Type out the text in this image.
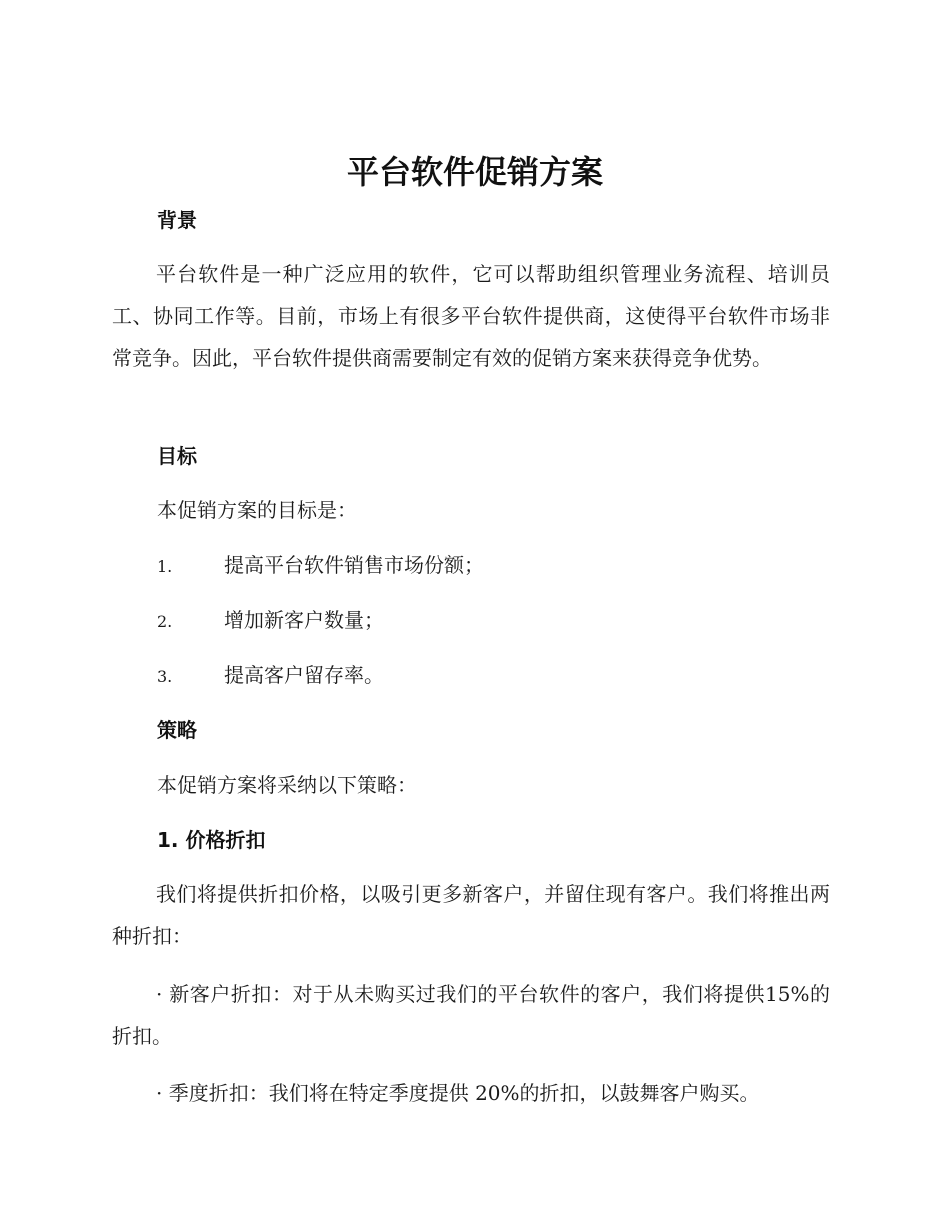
平台软件促销方案
背景

平台软件是一种广泛应用的软件，它可以帮助组织管理业务流程、培训员工、协同工作等。目前，市场上有很多平台软件提供商，这使得平台软件市场非常竞争。因此，平台软件提供商需要制定有效的促销方案来获得竞争优势。

目标

本促销方案的目标是：

1.	提高平台软件销售市场份额；
2.	增加新客户数量；
3.	提高客户留存率。
策略

本促销方案将采纳以下策略：

1. 价格折扣

我们将提供折扣价格，以吸引更多新客户，并留住现有客户。我们将推出两种折扣：

· 新客户折扣：对于从未购买过我们的平台软件的客户，我们将提供15%的折扣。

· 季度折扣：我们将在特定季度提供 20%的折扣，以鼓舞客户购买。
